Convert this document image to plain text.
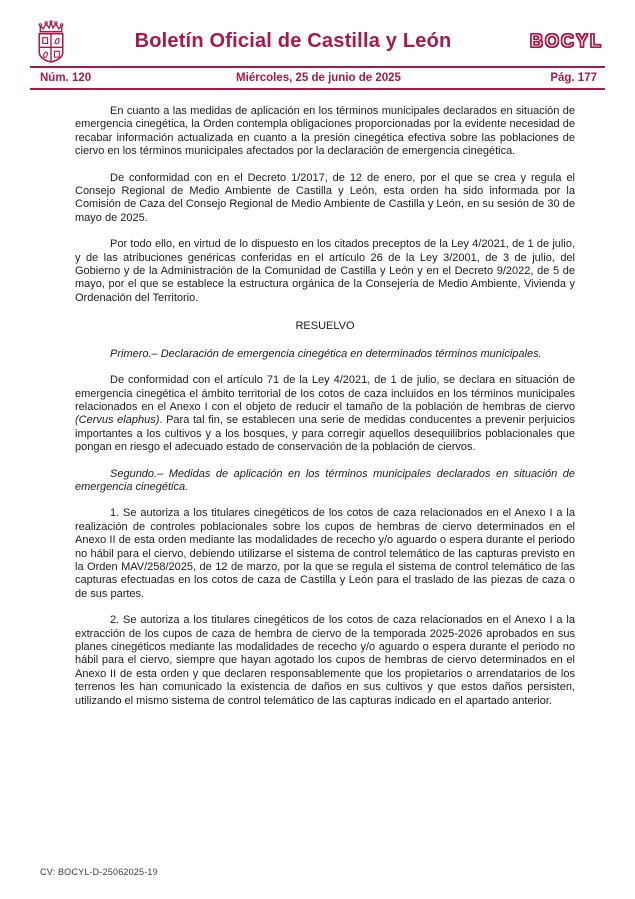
Boletín Oficial de Castilla y León	BOCYL
Núm. 120	Miércoles, 25 de junio de 2025	Pág. 177

En cuanto a las medidas de aplicación en los términos municipales declarados en situación de emergencia cinegética, la Orden contempla obligaciones proporcionadas por la evidente necesidad de recabar información actualizada en cuanto a la presión cinegética efectiva sobre las poblaciones de ciervo en los términos municipales afectados por la declaración de emergencia cinegética.

De conformidad con en el Decreto 1/2017, de 12 de enero, por el que se crea y regula el Consejo Regional de Medio Ambiente de Castilla y León, esta orden ha sido informada por la Comisión de Caza del Consejo Regional de Medio Ambiente de Castilla y León, en su sesión de 30 de mayo de 2025.

Por todo ello, en virtud de lo dispuesto en los citados preceptos de la Ley 4/2021, de 1 de julio, y de las atribuciones genéricas conferidas en el artículo 26 de la Ley 3/2001, de 3 de julio, del Gobierno y de la Administración de la Comunidad de Castilla y León y en el Decreto 9/2022, de 5 de mayo, por el que se establece la estructura orgánica de la Consejería de Medio Ambiente, Vivienda y Ordenación del Territorio.

RESUELVO

Primero.– Declaración de emergencia cinegética en determinados términos municipales.

De conformidad con el artículo 71 de la Ley 4/2021, de 1 de julio, se declara en situación de emergencia cinegética el ámbito territorial de los cotos de caza incluidos en los términos municipales relacionados en el Anexo I con el objeto de reducir el tamaño de la población de hembras de ciervo (Cervus elaphus). Para tal fin, se establecen una serie de medidas conducentes a prevenir perjuicios importantes a los cultivos y a los bosques, y para corregir aquellos desequilibrios poblacionales que pongan en riesgo el adecuado estado de conservación de la población de ciervos.

Segundo.– Medidas de aplicación en los términos municipales declarados en situación de emergencia cinegética.

1. Se autoriza a los titulares cinegéticos de los cotos de caza relacionados en el Anexo I a la realización de controles poblacionales sobre los cupos de hembras de ciervo determinados en el Anexo II de esta orden mediante las modalidades de rececho y/o aguardo o espera durante el periodo no hábil para el ciervo, debiendo utilizarse el sistema de control telemático de las capturas previsto en la Orden MAV/258/2025, de 12 de marzo, por la que se regula el sistema de control telemático de las capturas efectuadas en los cotos de caza de Castilla y León para el traslado de las piezas de caza o de sus partes.

2. Se autoriza a los titulares cinegéticos de los cotos de caza relacionados en el Anexo I a la extracción de los cupos de caza de hembra de ciervo de la temporada 2025-2026 aprobados en sus planes cinegéticos mediante las modalidades de rececho y/o aguardo o espera durante el periodo no hábil para el ciervo, siempre que hayan agotado los cupos de hembras de ciervo determinados en el Anexo II de esta orden y que declaren responsablemente que los propietarios o arrendatarios de los terrenos les han comunicado la existencia de daños en sus cultivos y que estos daños persisten, utilizando el mismo sistema de control telemático de las capturas indicado en el apartado anterior.

CV: BOCYL-D-25062025-19
